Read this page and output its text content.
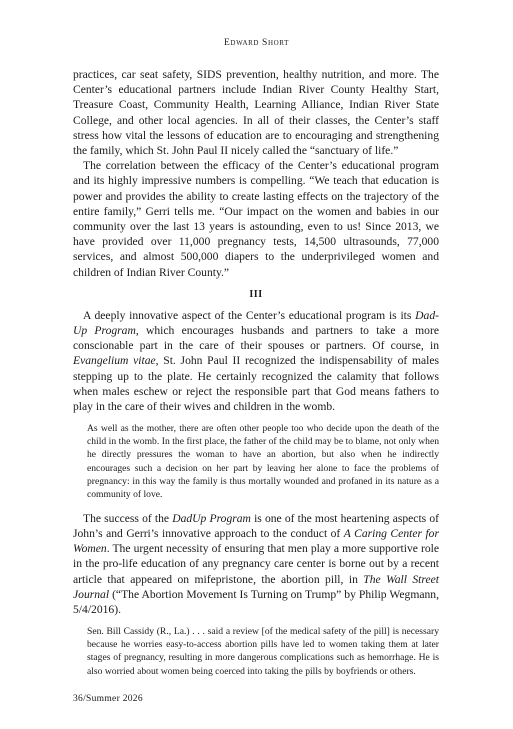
Edward Short

practices, car seat safety, SIDS prevention, healthy nutrition, and more. The Center’s educational partners include Indian River County Healthy Start, Treasure Coast, Community Health, Learning Alliance, Indian River State College, and other local agencies. In all of their classes, the Center’s staff stress how vital the lessons of education are to encouraging and strengthening the family, which St. John Paul II nicely called the “sanctuary of life.”

The correlation between the efficacy of the Center’s educational program and its highly impressive numbers is compelling. “We teach that education is power and provides the ability to create lasting effects on the trajectory of the entire family,” Gerri tells me. “Our impact on the women and babies in our community over the last 13 years is astounding, even to us! Since 2013, we have provided over 11,000 pregnancy tests, 14,500 ultrasounds, 77,000 services, and almost 500,000 diapers to the underprivileged women and children of Indian River County.”

III

A deeply innovative aspect of the Center’s educational program is its Dad-Up Program, which encourages husbands and partners to take a more conscionable part in the care of their spouses or partners. Of course, in Evangelium vitae, St. John Paul II recognized the indispensability of males stepping up to the plate. He certainly recognized the calamity that follows when males eschew or reject the responsible part that God means fathers to play in the care of their wives and children in the womb.

As well as the mother, there are often other people too who decide upon the death of the child in the womb. In the first place, the father of the child may be to blame, not only when he directly pressures the woman to have an abortion, but also when he indirectly encourages such a decision on her part by leaving her alone to face the problems of pregnancy: in this way the family is thus mortally wounded and profaned in its nature as a community of love.

The success of the DadUp Program is one of the most heartening aspects of John’s and Gerri’s innovative approach to the conduct of A Caring Center for Women. The urgent necessity of ensuring that men play a more supportive role in the pro-life education of any pregnancy care center is borne out by a recent article that appeared on mifepristone, the abortion pill, in The Wall Street Journal (“The Abortion Movement Is Turning on Trump” by Philip Wegmann, 5/4/2016).

Sen. Bill Cassidy (R., La.) . . . said a review [of the medical safety of the pill] is necessary because he worries easy-to-access abortion pills have led to women taking them at later stages of pregnancy, resulting in more dangerous complications such as hemorrhage. He is also worried about women being coerced into taking the pills by boyfriends or others.

36/Summer 2026
